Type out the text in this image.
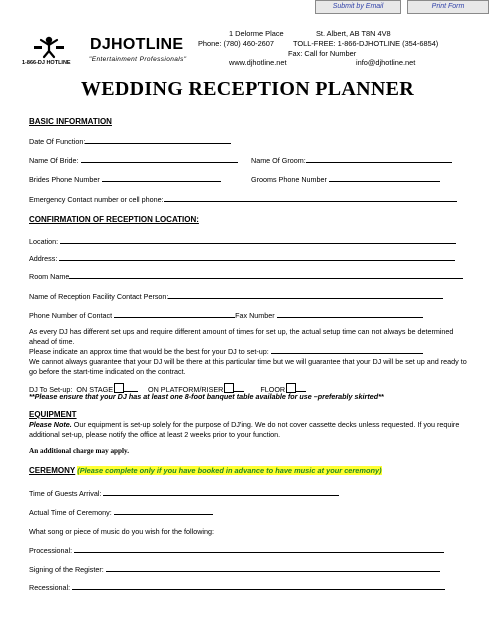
Submit by Email	Print Form
1-866-DJ HOTLINE
DJHOTLINE
"Entertainment Professionals"
1 Delorme Place	St. Albert, AB T8N 4V8
Phone: (780) 460-2607	TOLL-FREE: 1-866-DJHOTLINE (354-6854)
Fax: Call for Number
www.djhotline.net	info@djhotline.net
WEDDING RECEPTION PLANNER
BASIC INFORMATION
Date Of Function:
Name Of Bride:	Name Of Groom:
Brides Phone Number	Grooms Phone Number
Emergency Contact number or cell phone:
CONFIRMATION OF RECEPTION LOCATION:
Location:
Address:
Room Name
Name of Reception Facility Contact Person:
Phone Number of Contact	Fax Number
As every DJ has different set ups and require different amount of times for set up, the actual setup time can not always be determined ahead of time.
Please indicate an approx time that would be the best for your DJ to set-up:
We cannot always guarantee that your DJ will be there at this particular time but we will guarantee that your DJ will be set up and ready to go before the start-time indicated on the contract.
DJ To Set-up: ON STAGE	ON PLATFORM/RISER	FLOOR
**Please ensure that your DJ has at least one 8-foot banquet table available for use –preferably skirted**
EQUIPMENT
Please Note. Our equipment is set-up solely for the purpose of DJ'ing. We do not cover cassette decks unless requested. If you require additional set-up, please notify the office at least 2 weeks prior to your function.
An additional charge may apply.
CEREMONY (Please complete only if you have booked in advance to have music at your ceremony)
Time of Guests Arrival:
Actual Time of Ceremony:
What song or piece of music do you wish for the following:
Processional:
Signing of the Register:
Recessional:
